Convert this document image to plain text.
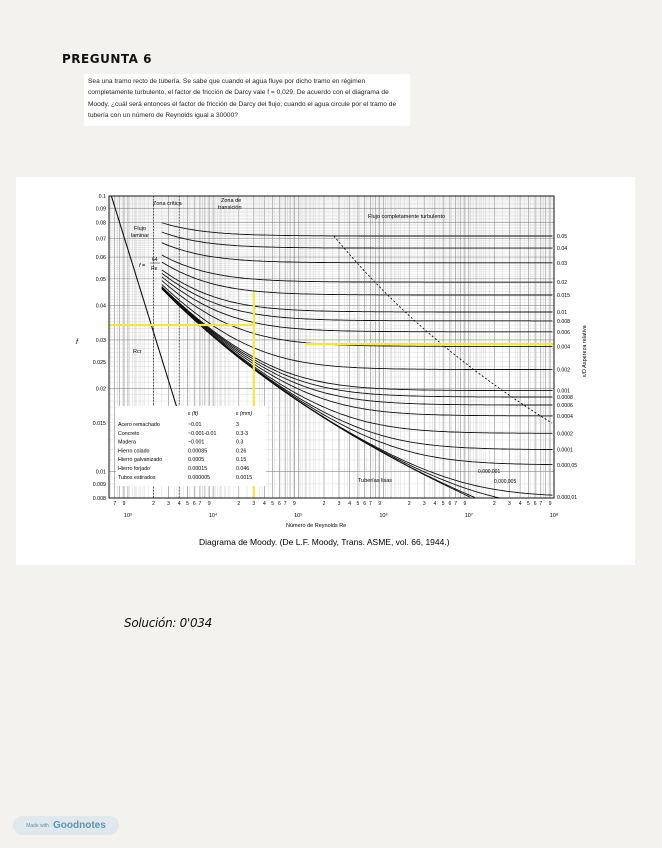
PREGUNTA 6
Sea una tramo recto de tubería. Se sabe que cuando el agua fluye por dicho tramo en régimen completamente turbulento, el factor de fricción de Darcy vale f = 0,029. De acuerdo con el diagrama de Moody, ¿cuál será entonces el factor de fricción de Darcy del flujo, cuando el agua circule por el tramo de tubería con un número de Reynolds igual a 30000?
0.1
0.09
0.08
0.07
0.06
0.05
0.04
0.03
0.025
0.02
0.015
0.01
0.009
0.008
10³	10⁴	10⁵	10⁶	10⁷	10⁸
7 9	2 3 4 5 6 7 9	2 3 4 5 6 7 9	2 3 4 5 6 7 9	2 3 4 5 6 7 9	2 3 4 5 6 7 9
0.05
0.04
0.03
0.02
0.015
0.01
0.008
0.006
0.004
0.002
0.001
0.0008
0.0006
0.0004
0.0002
0.0001
0.000,05
0.000,01
Zona crítica	Zona de
transición
Flujo completamente turbulento
Flujo
laminar
f =
64
Re
Rcr
Tuberías lisas
0,000,001
0,000,005
Número de Reynolds Re
f	ε/D Aspereza relativa
Diagrama de Moody. (De L.F. Moody, Trans. ASME, vol. 66, 1944.)
ε (ft)	ε (mm)
Acero remachado	~0.01	3
Concreto	~0.001-0.01	0.3-3
Madera	~0.001	0.3
Hierro colado	0.00085	0.26
Hierro galvanizado	0.0005	0.15
Hierro forjado	0.00015	0.046
Tubos estirados	0.000005	0.0015
Solución: 0'034
Made with Goodnotes
